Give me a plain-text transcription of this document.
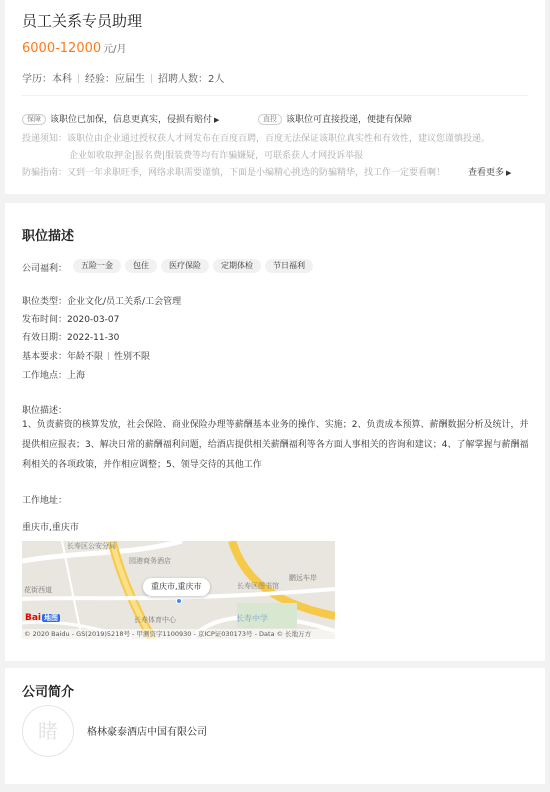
员工关系专员助理
6000-12000 元/月
学历：本科 经验：应届生 招聘人数：2人
保障 该职位已加保，信息更真实，侵损有赔付 ▶	直投 该职位可直接投递，便捷有保障
投递须知：该职位由企业通过授权获人才网发布在百度百聘，百度无法保证该职位真实性和有效性，建议您谨慎投递。
企业如收取押金|报名费|服装费等均有诈骗嫌疑，可联系获人才网投诉举报
防骗指南：又到一年求职旺季，网络求职需要谨慎，下面是小编精心挑选的防骗精华，找工作一定要看啊！	查看更多 ▶
职位描述
公司福利：	五险一金	包住	医疗保险	定期体检	节日福利
职位类型：企业文化/员工关系/工会管理
发布时间：2020-03-07
有效日期：2022-11-30
基本要求：年龄不限 性别不限
工作地点：上海
职位描述：
1、负责薪资的核算发放，社会保险、商业保险办理等薪酬基本业务的操作、实施；2、负责成本预算、薪酬数据分析及统计，并提供相应报表；3、解决日常的薪酬福利问题，给酒店提供相关薪酬福利等各方面人事相关的咨询和建议；4、了解掌握与薪酬福利相关的各项政策，并作相应调整；5、领导交待的其他工作
工作地址：
重庆市,重庆市
长寿区公安分局
园港商务酒店
花街西道	长寿区图书馆
鹏远车岸
长寿体育中心	长寿中学
重庆市,重庆市
Bai 地图
© 2020 Baidu - GS(2019)5218号 - 甲测资字1100930 - 京ICP证030173号 - Data © 长地万方
公司简介
睹	格林豪泰酒店中国有限公司
